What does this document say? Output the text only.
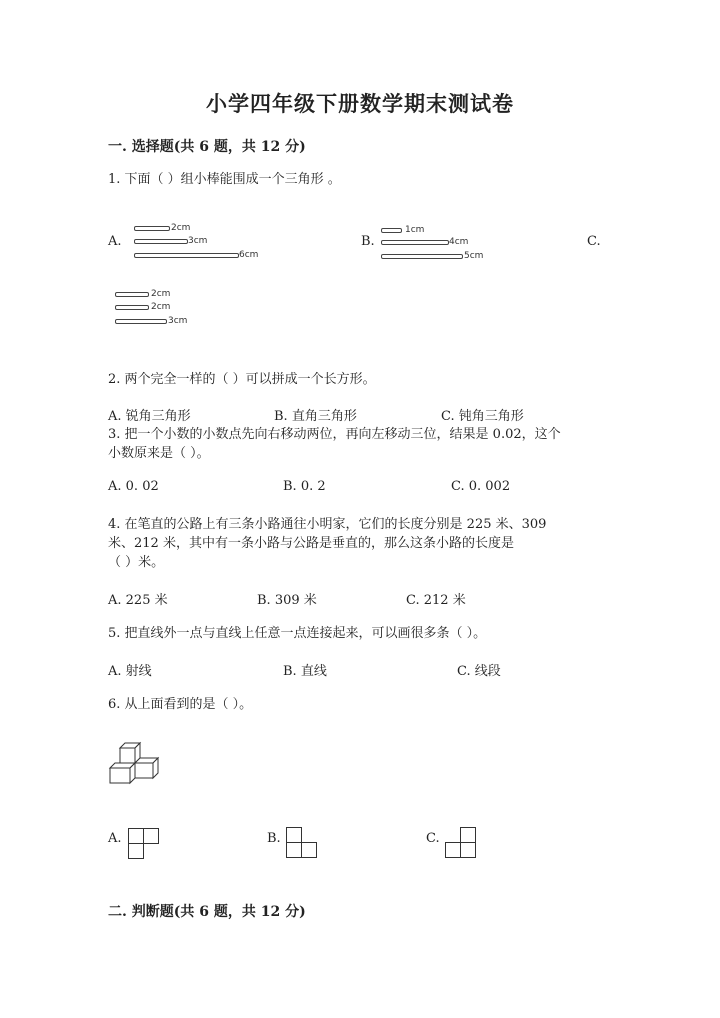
小学四年级下册数学期末测试卷
一. 选择题(共 6 题，共 12 分)
1. 下面（ ）组小棒能围成一个三角形 。
A.
2cm
3cm
6cm
B.
1cm
4cm
5cm
C.
2cm
2cm
3cm
2. 两个完全一样的（ ）可以拼成一个长方形。
A. 锐角三角形	B. 直角三角形	C. 钝角三角形
3. 把一个小数的小数点先向右移动两位，再向左移动三位，结果是 0.02，这个
小数原来是（ ）。
A. 0. 02	B. 0. 2	C. 0. 002
4. 在笔直的公路上有三条小路通往小明家，它们的长度分别是 225 米、309
米、212 米，其中有一条小路与公路是垂直的，那么这条小路的长度是
（ ）米。
A. 225 米	B. 309 米	C. 212 米
5. 把直线外一点与直线上任意一点连接起来，可以画很多条（ ）。
A. 射线	B. 直线	C. 线段
6. 从上面看到的是（ ）。
A.	B.	C.
二. 判断题(共 6 题，共 12 分)
